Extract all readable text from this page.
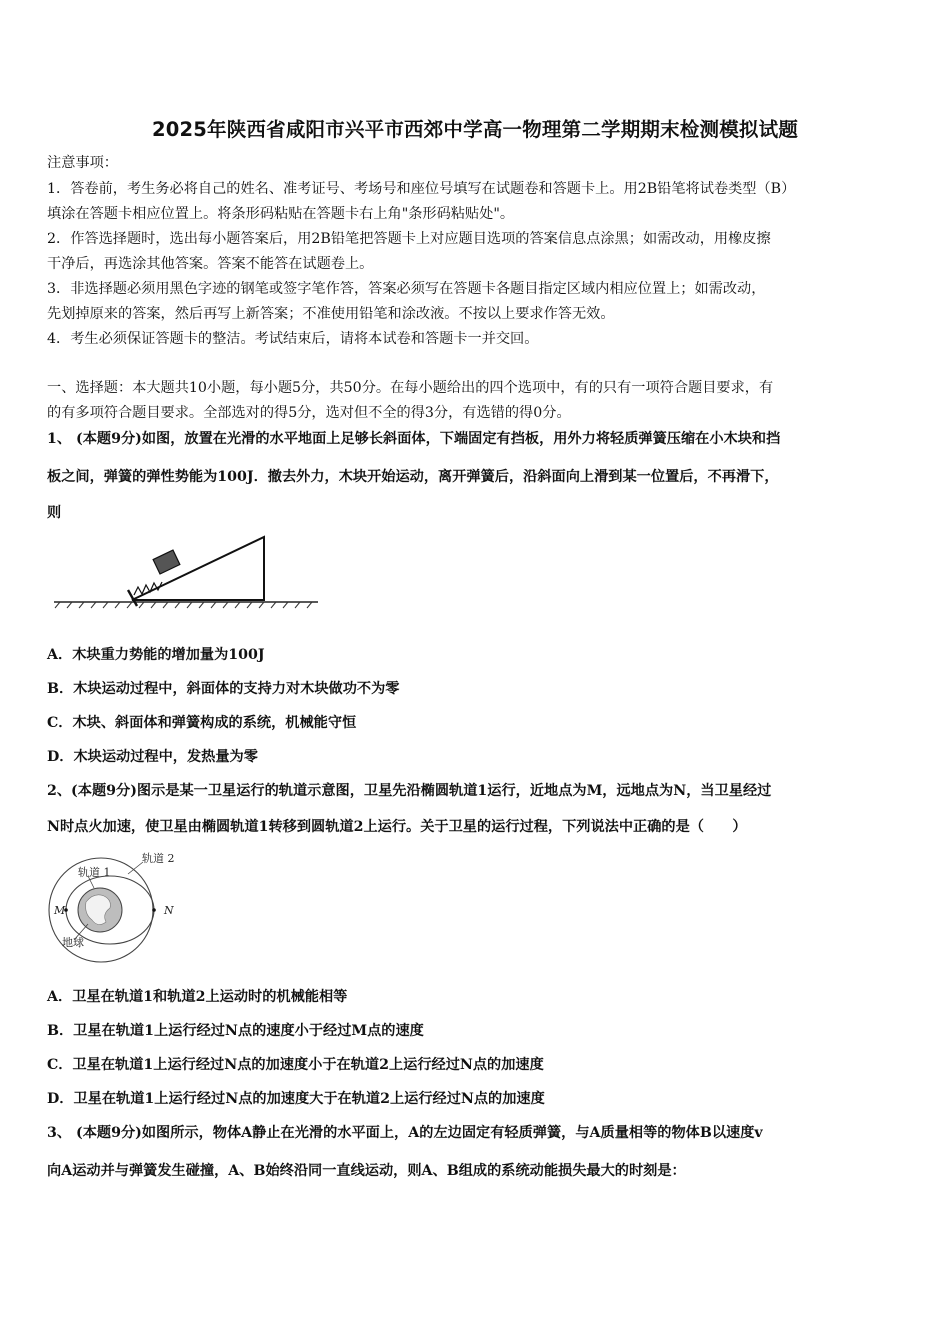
2025年陕西省咸阳市兴平市西郊中学高一物理第二学期期末检测模拟试题
注意事项：
1．答卷前，考生务必将自己的姓名、准考证号、考场号和座位号填写在试题卷和答题卡上。用2B铅笔将试卷类型（B）
填涂在答题卡相应位置上。将条形码粘贴在答题卡右上角"条形码粘贴处"。
2．作答选择题时，选出每小题答案后，用2B铅笔把答题卡上对应题目选项的答案信息点涂黑；如需改动，用橡皮擦
干净后，再选涂其他答案。答案不能答在试题卷上。
3．非选择题必须用黑色字迹的钢笔或签字笔作答，答案必须写在答题卡各题目指定区域内相应位置上；如需改动，
先划掉原来的答案，然后再写上新答案；不准使用铅笔和涂改液。不按以上要求作答无效。
4．考生必须保证答题卡的整洁。考试结束后，请将本试卷和答题卡一并交回。
一、选择题：本大题共10小题，每小题5分，共50分。在每小题给出的四个选项中，有的只有一项符合题目要求，有
的有多项符合题目要求。全部选对的得5分，选对但不全的得3分，有选错的得0分。
1、 (本题9分)如图，放置在光滑的水平地面上足够长斜面体，下端固定有挡板，用外力将轻质弹簧压缩在小木块和挡
板之间，弹簧的弹性势能为100J．撤去外力，木块开始运动，离开弹簧后，沿斜面向上滑到某一位置后，不再滑下，
则
A．木块重力势能的增加量为100J
B．木块运动过程中，斜面体的支持力对木块做功不为零
C．木块、斜面体和弹簧构成的系统，机械能守恒
D．木块运动过程中，发热量为零
2、(本题9分)图示是某一卫星运行的轨道示意图，卫星先沿椭圆轨道1运行，近地点为M，远地点为N，当卫星经过
N时点火加速，使卫星由椭圆轨道1转移到圆轨道2上运行。关于卫星的运行过程，下列说法中正确的是（　　）
轨道 2
轨道 1
M	N
地球
A．卫星在轨道1和轨道2上运动时的机械能相等
B．卫星在轨道1上运行经过N点的速度小于经过M点的速度
C．卫星在轨道1上运行经过N点的加速度小于在轨道2上运行经过N点的加速度
D．卫星在轨道1上运行经过N点的加速度大于在轨道2上运行经过N点的加速度
3、 (本题9分)如图所示，物体A静止在光滑的水平面上，A的左边固定有轻质弹簧，与A质量相等的物体B以速度v
向A运动并与弹簧发生碰撞，A、B始终沿同一直线运动，则A、B组成的系统动能损失最大的时刻是：
